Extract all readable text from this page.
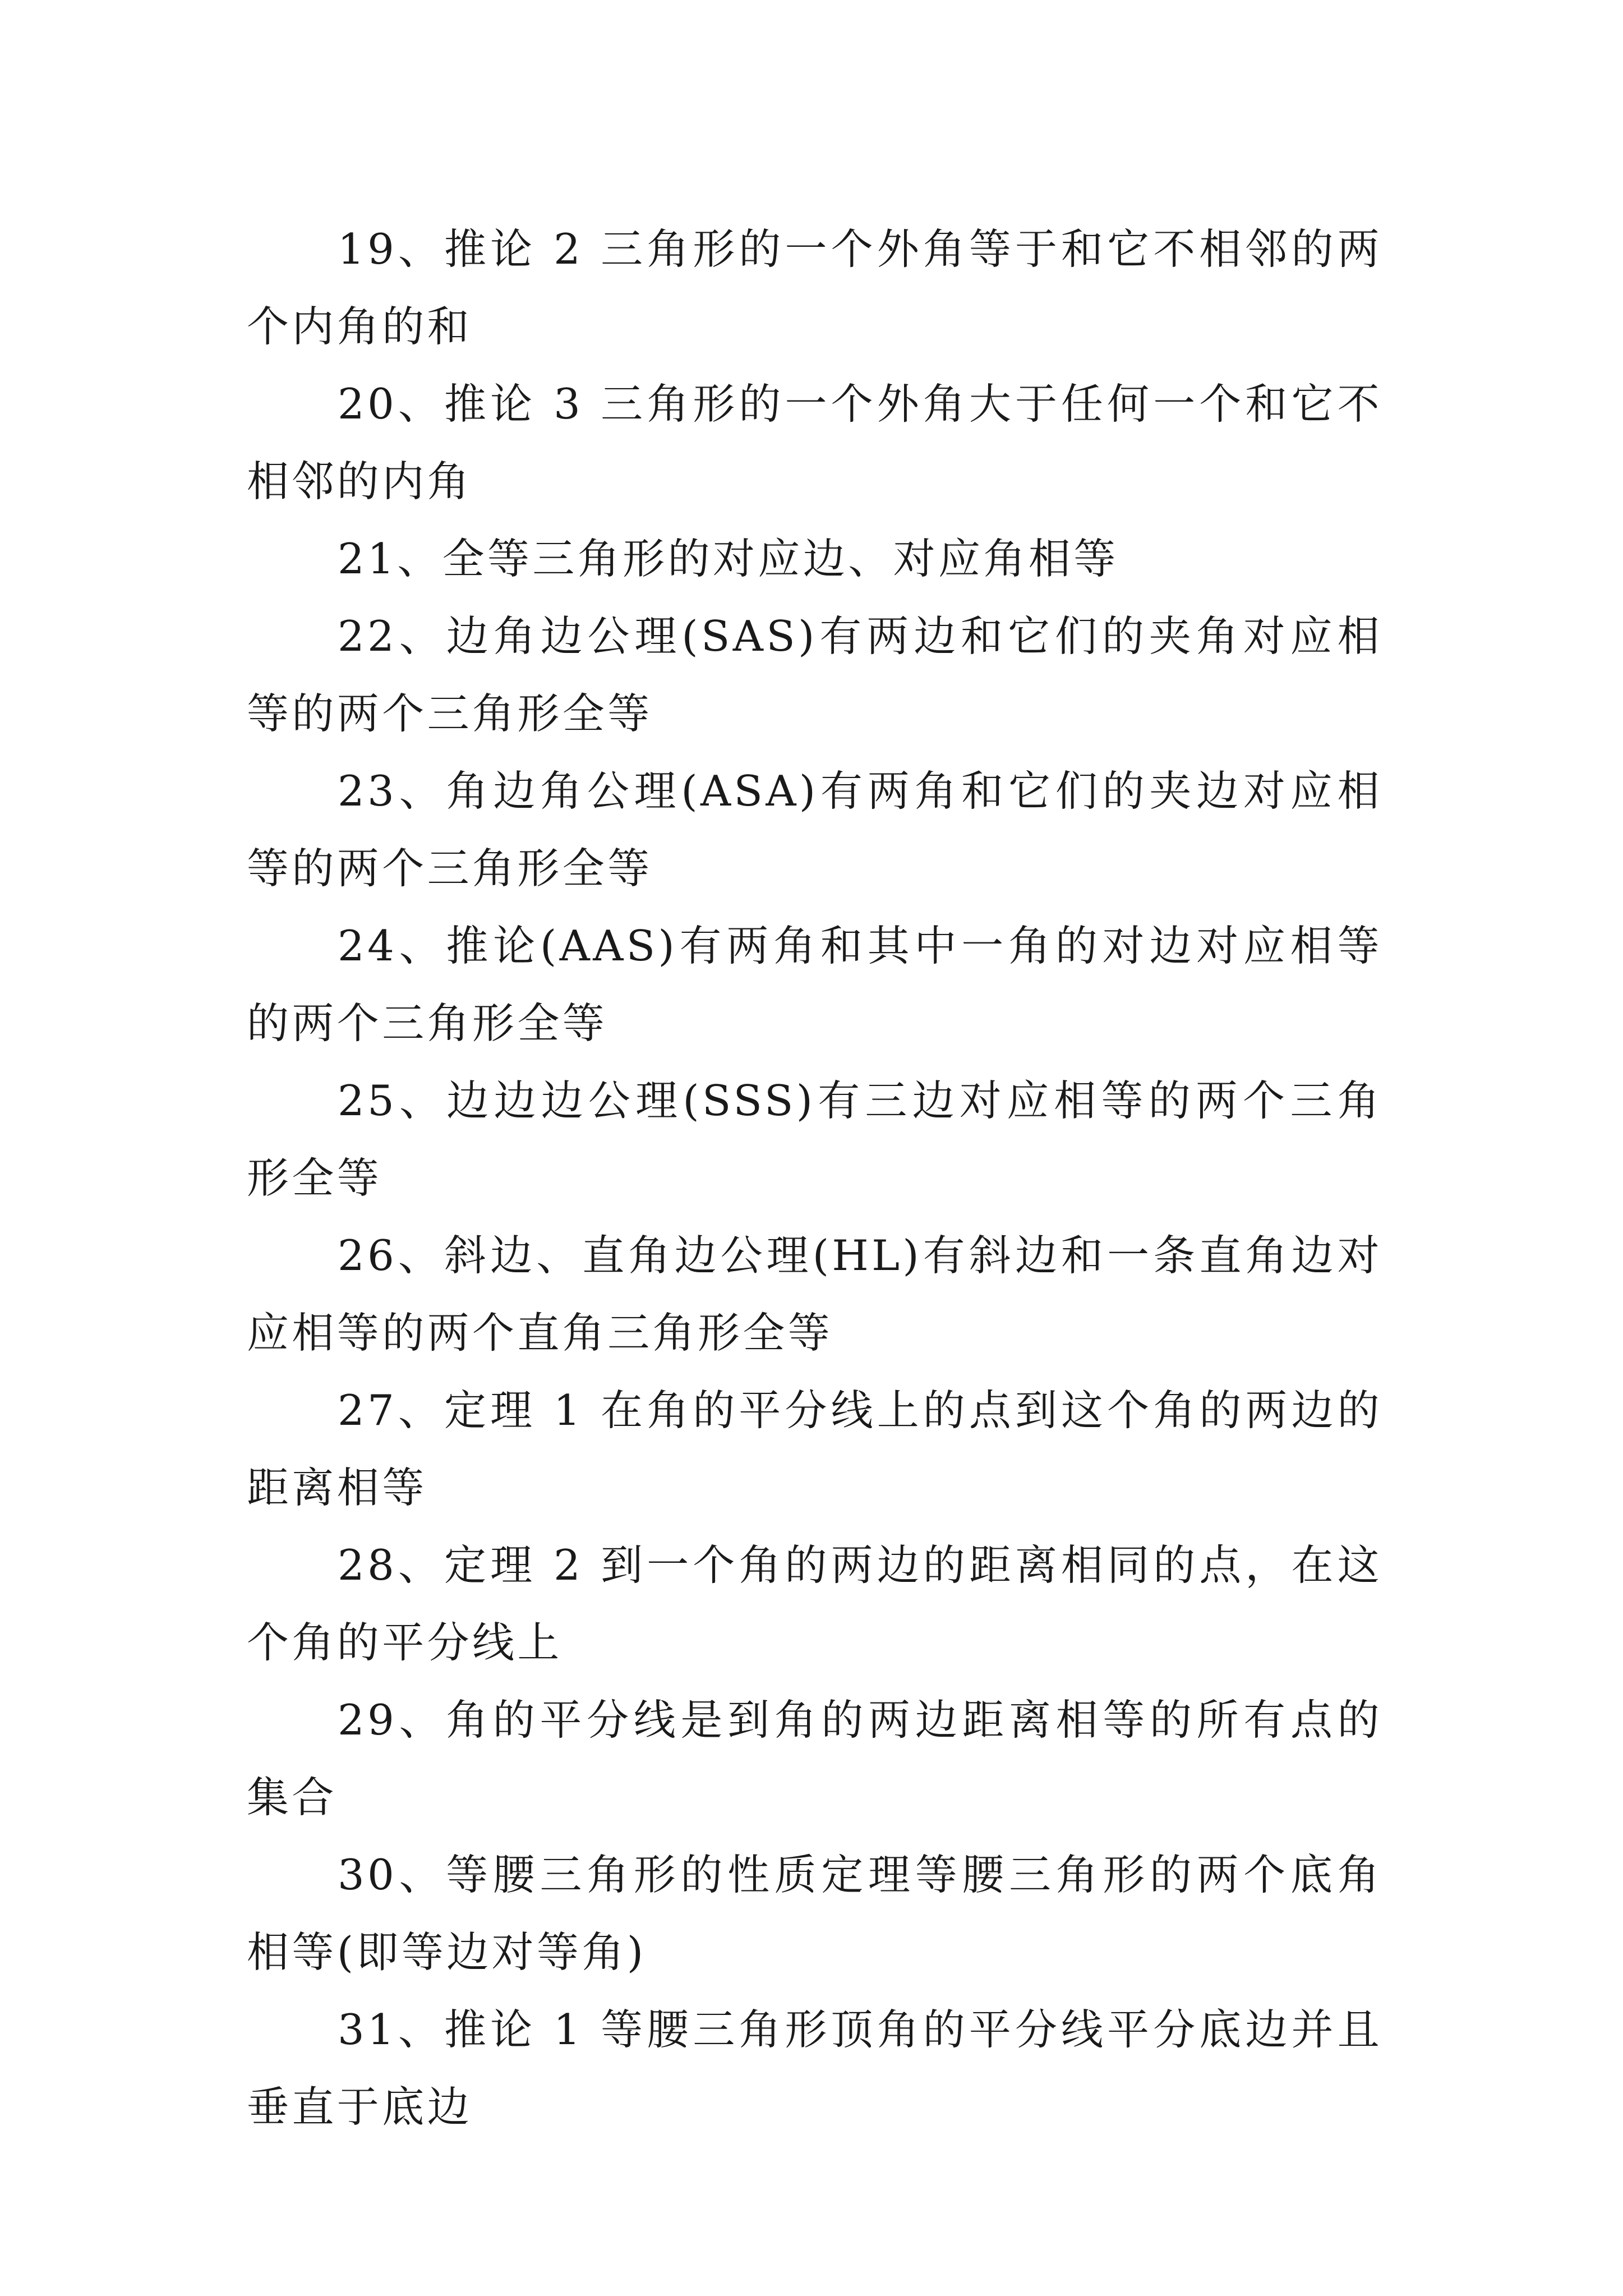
19、推论 2 三角形的一个外角等于和它不相邻的两个内角的和

20、推论 3 三角形的一个外角大于任何一个和它不相邻的内角

21、全等三角形的对应边、对应角相等

22、边角边公理(SAS)有两边和它们的夹角对应相等的两个三角形全等

23、角边角公理(ASA)有两角和它们的夹边对应相等的两个三角形全等

24、推论(AAS)有两角和其中一角的对边对应相等的两个三角形全等

25、边边边公理(SSS)有三边对应相等的两个三角形全等

26、斜边、直角边公理(HL)有斜边和一条直角边对应相等的两个直角三角形全等

27、定理 1 在角的平分线上的点到这个角的两边的距离相等

28、定理 2 到一个角的两边的距离相同的点，在这个角的平分线上

29、角的平分线是到角的两边距离相等的所有点的集合

30、等腰三角形的性质定理等腰三角形的两个底角相等(即等边对等角)

31、推论 1 等腰三角形顶角的平分线平分底边并且垂直于底边
